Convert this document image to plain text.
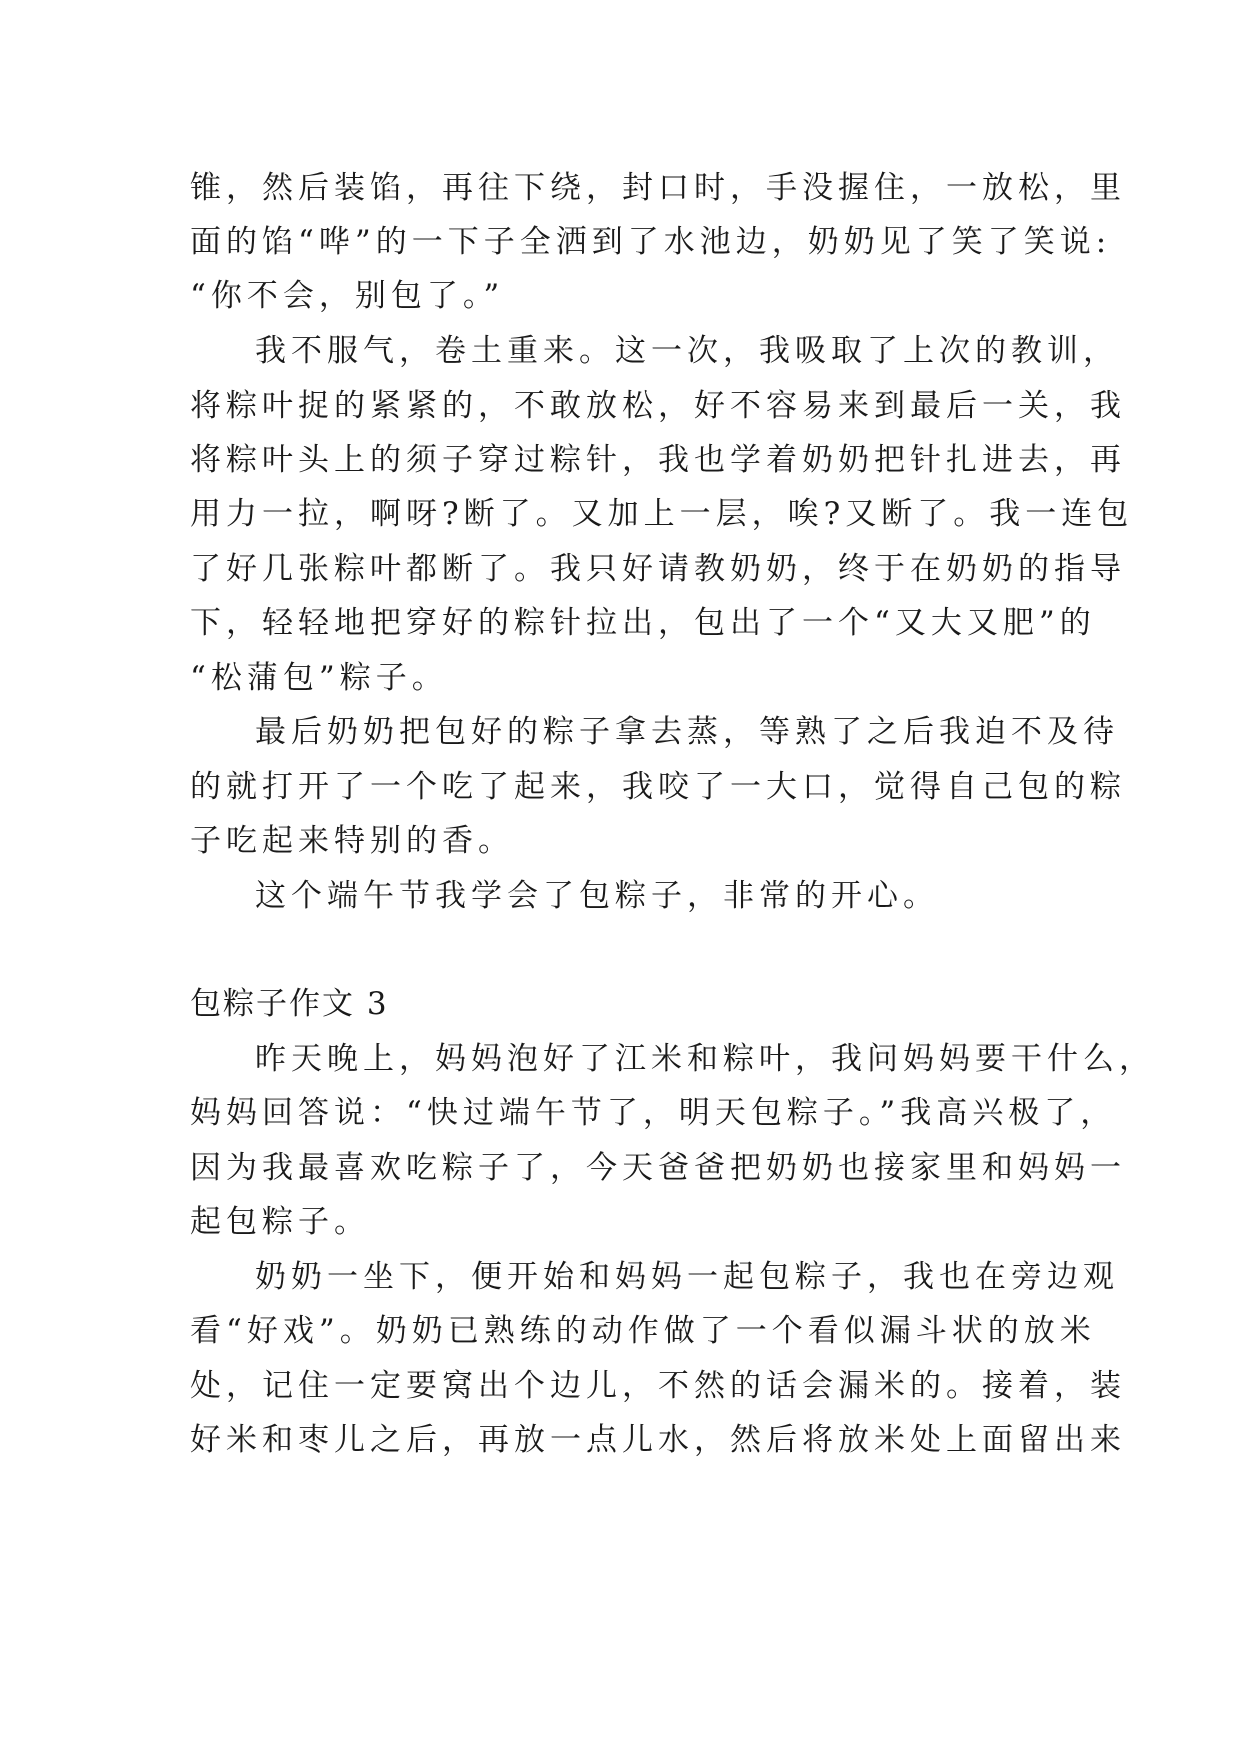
锥，然后装馅，再往下绕，封口时，手没握住，一放松，里

面的馅“哗”的一下子全洒到了水池边，奶奶见了笑了笑说:

“你不会，别包了。”

我不服气，卷土重来。这一次，我吸取了上次的教训，

将粽叶捉的紧紧的，不敢放松，好不容易来到最后一关，我

将粽叶头上的须子穿过粽针，我也学着奶奶把针扎进去，再

用力一拉，啊呀?断了。又加上一层，唉?又断了。我一连包

了好几张粽叶都断了。我只好请教奶奶，终于在奶奶的指导

下，轻轻地把穿好的粽针拉出，包出了一个“又大又肥”的

“松蒲包”粽子。

最后奶奶把包好的粽子拿去蒸，等熟了之后我迫不及待

的就打开了一个吃了起来，我咬了一大口，觉得自己包的粽

子吃起来特别的香。

这个端午节我学会了包粽子，非常的开心。

包粽子作文 3

昨天晚上，妈妈泡好了江米和粽叶，我问妈妈要干什么，

妈妈回答说：“快过端午节了，明天包粽子。”我高兴极了，

因为我最喜欢吃粽子了，今天爸爸把奶奶也接家里和妈妈一

起包粽子。

奶奶一坐下，便开始和妈妈一起包粽子，我也在旁边观

看“好戏”。奶奶已熟练的动作做了一个看似漏斗状的放米

处，记住一定要窝出个边儿，不然的话会漏米的。接着，装

好米和枣儿之后，再放一点儿水，然后将放米处上面留出来
